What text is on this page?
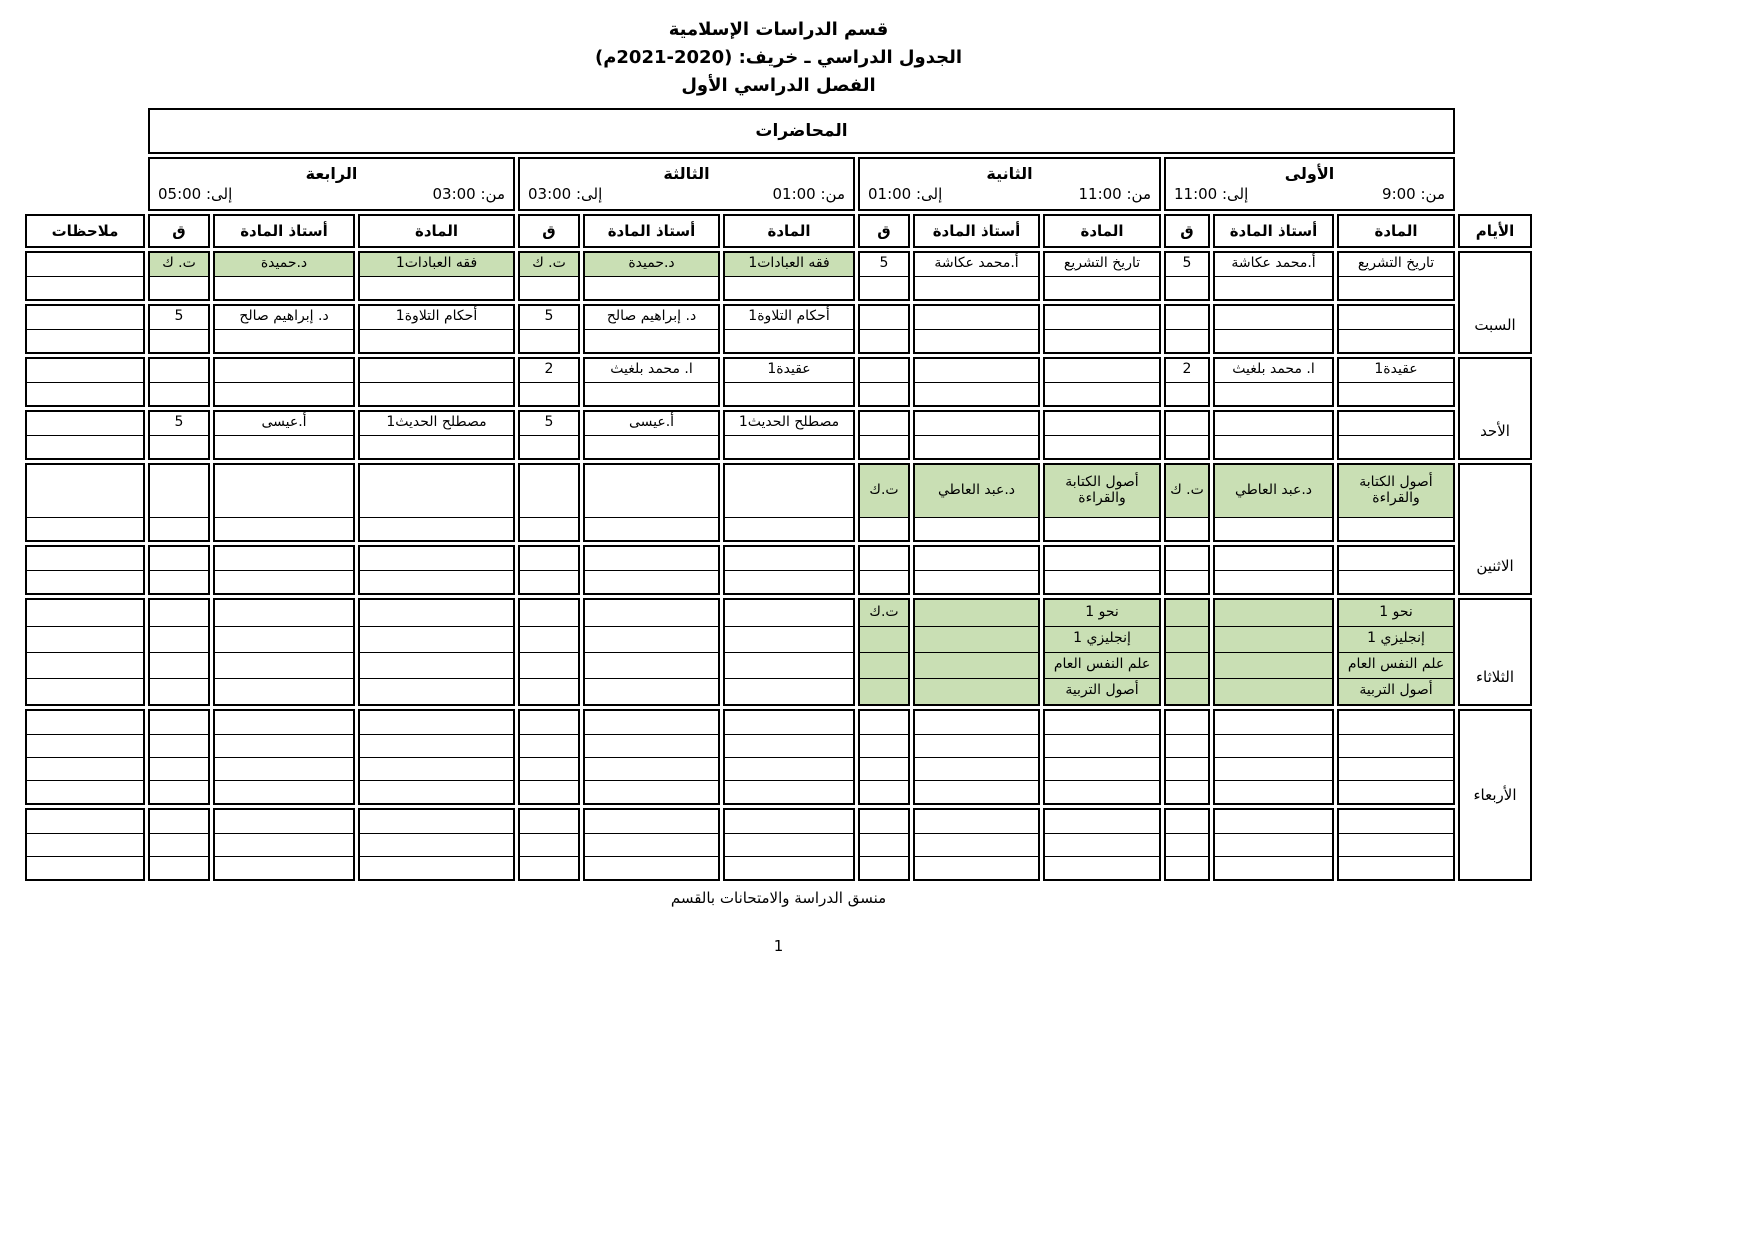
قسم الدراسات الإسلامية
الجدول الدراسي ـ خريف: (2020-2021م)
الفصل الدراسي الأول
المحاضرات
الأولى
من: 9:00
إلى: 11:00
الثانية
من: 11:00
إلى: 01:00
الثالثة
من: 01:00
إلى: 03:00
الرابعة
من: 03:00
إلى: 05:00
الأيام
المادة
أستاذ المادة
ق
المادة
أستاذ المادة
ق
المادة
أستاذ المادة
ق
المادة
أستاذ المادة
ق
ملاحظات
السبت
تاريخ التشريع
أ.محمد عكاشة
5
تاريخ التشريع
أ.محمد عكاشة
5
فقه العبادات1
د.حميدة
ت. ك
فقه العبادات1
د.حميدة
ت. ك
أحكام التلاوة1
د. إبراهيم صالح
5
أحكام التلاوة1
د. إبراهيم صالح
5
الأحد
عقيدة1
ا. محمد بلغيث
2
عقيدة1
ا. محمد بلغيث
2
مصطلح الحديث1
أ.عيسى
5
مصطلح الحديث1
أ.عيسى
5
الاثنين
أصول الكتابة والقراءة
د.عبد العاطي
ت. ك
أصول الكتابة والقراءة
د.عبد العاطي
ت.ك
الثلاثاء
نحو 1
إنجليزي 1
علم النفس العام
أصول التربية
نحو 1
إنجليزي 1
علم النفس العام
أصول التربية
ت.ك
الأربعاء
منسق الدراسة والامتحانات بالقسم
1
